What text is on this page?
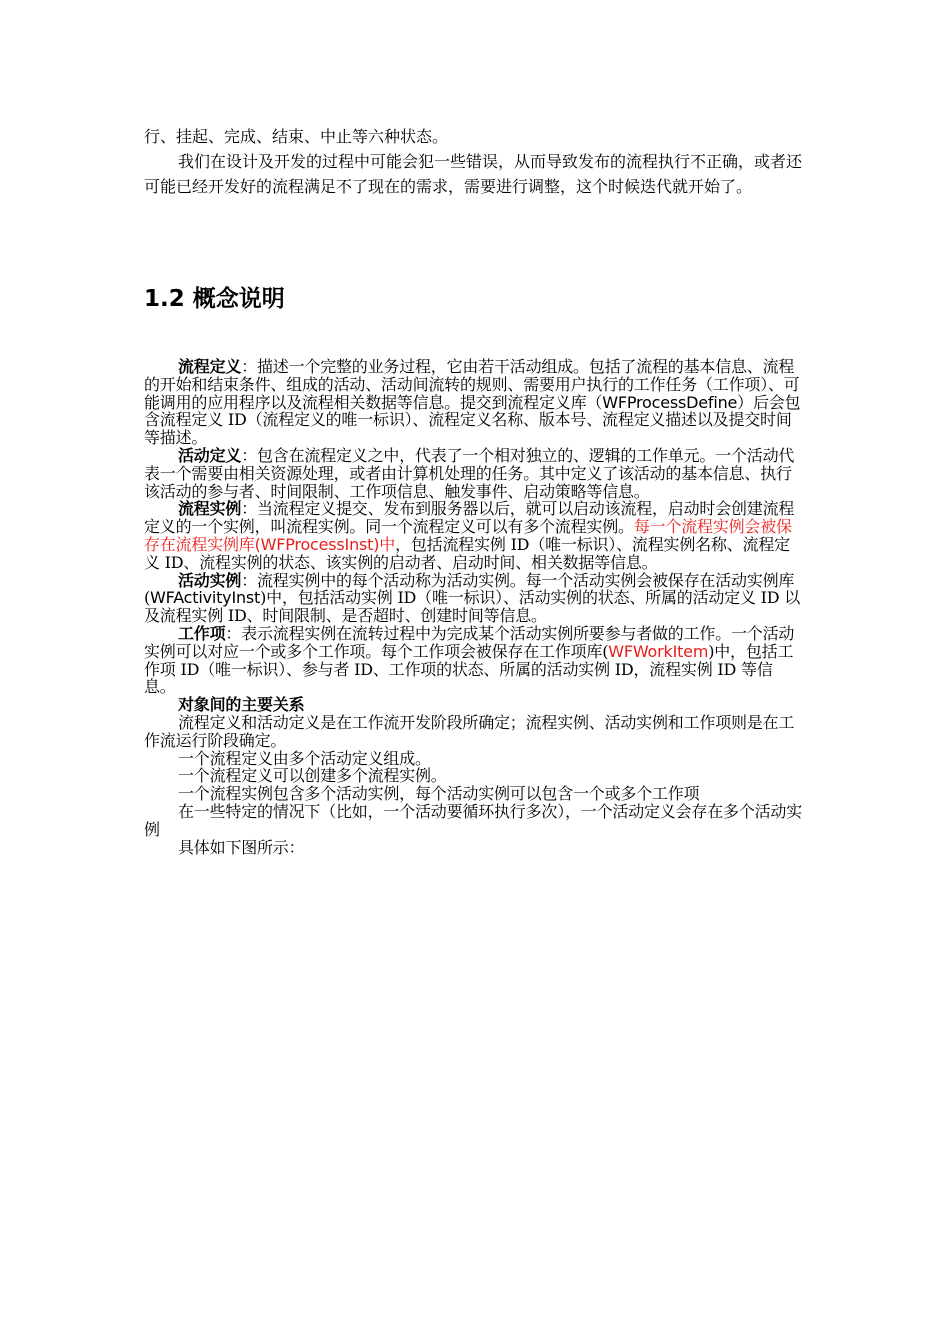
行、挂起、完成、结束、中止等六种状态。

我们在设计及开发的过程中可能会犯一些错误，从而导致发布的流程执行不正确，或者还可能已经开发好的流程满足不了现在的需求，需要进行调整，这个时候迭代就开始了。

1.2 概念说明

流程定义：描述一个完整的业务过程，它由若干活动组成。包括了流程的基本信息、流程的开始和结束条件、组成的活动、活动间流转的规则、需要用户执行的工作任务（工作项）、可能调用的应用程序以及流程相关数据等信息。提交到流程定义库（WFProcessDefine）后会包含流程定义 ID（流程定义的唯一标识）、流程定义名称、版本号、流程定义描述以及提交时间等描述。

活动定义：包含在流程定义之中，代表了一个相对独立的、逻辑的工作单元。一个活动代表一个需要由相关资源处理，或者由计算机处理的任务。其中定义了该活动的基本信息、执行该活动的参与者、时间限制、工作项信息、触发事件、启动策略等信息。

流程实例：当流程定义提交、发布到服务器以后，就可以启动该流程，启动时会创建流程定义的一个实例，叫流程实例。同一个流程定义可以有多个流程实例。每一个流程实例会被保存在流程实例库(WFProcessInst)中，包括流程实例 ID（唯一标识）、流程实例名称、流程定义 ID、流程实例的状态、该实例的启动者、启动时间、相关数据等信息。

活动实例：流程实例中的每个活动称为活动实例。每一个活动实例会被保存在活动实例库(WFActivityInst)中，包括活动实例 ID（唯一标识）、活动实例的状态、所属的活动定义 ID 以及流程实例 ID、时间限制、是否超时、创建时间等信息。

工作项：表示流程实例在流转过程中为完成某个活动实例所要参与者做的工作。一个活动实例可以对应一个或多个工作项。每个工作项会被保存在工作项库(WFWorkItem)中，包括工作项 ID（唯一标识）、参与者 ID、工作项的状态、所属的活动实例 ID，流程实例 ID 等信息。

对象间的主要关系

流程定义和活动定义是在工作流开发阶段所确定；流程实例、活动实例和工作项则是在工作流运行阶段确定。

一个流程定义由多个活动定义组成。

一个流程定义可以创建多个流程实例。

一个流程实例包含多个活动实例，每个活动实例可以包含一个或多个工作项

在一些特定的情况下（比如，一个活动要循环执行多次），一个活动定义会存在多个活动实例

具体如下图所示：
